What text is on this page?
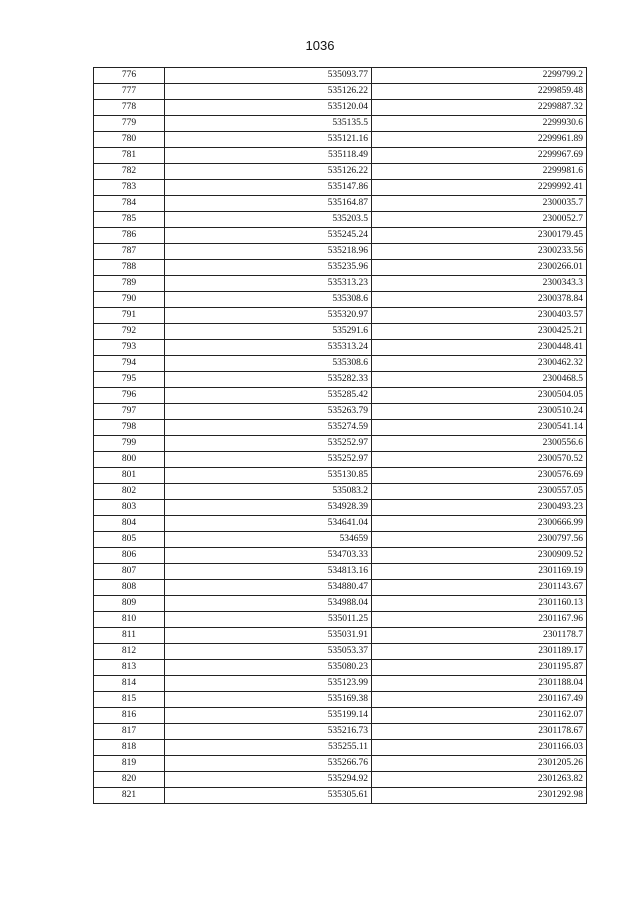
1036
776	535093.77	2299799.2
777	535126.22	2299859.48
778	535120.04	2299887.32
779	535135.5	2299930.6
780	535121.16	2299961.89
781	535118.49	2299967.69
782	535126.22	2299981.6
783	535147.86	2299992.41
784	535164.87	2300035.7
785	535203.5	2300052.7
786	535245.24	2300179.45
787	535218.96	2300233.56
788	535235.96	2300266.01
789	535313.23	2300343.3
790	535308.6	2300378.84
791	535320.97	2300403.57
792	535291.6	2300425.21
793	535313.24	2300448.41
794	535308.6	2300462.32
795	535282.33	2300468.5
796	535285.42	2300504.05
797	535263.79	2300510.24
798	535274.59	2300541.14
799	535252.97	2300556.6
800	535252.97	2300570.52
801	535130.85	2300576.69
802	535083.2	2300557.05
803	534928.39	2300493.23
804	534641.04	2300666.99
805	534659	2300797.56
806	534703.33	2300909.52
807	534813.16	2301169.19
808	534880.47	2301143.67
809	534988.04	2301160.13
810	535011.25	2301167.96
811	535031.91	2301178.7
812	535053.37	2301189.17
813	535080.23	2301195.87
814	535123.99	2301188.04
815	535169.38	2301167.49
816	535199.14	2301162.07
817	535216.73	2301178.67
818	535255.11	2301166.03
819	535266.76	2301205.26
820	535294.92	2301263.82
821	535305.61	2301292.98
